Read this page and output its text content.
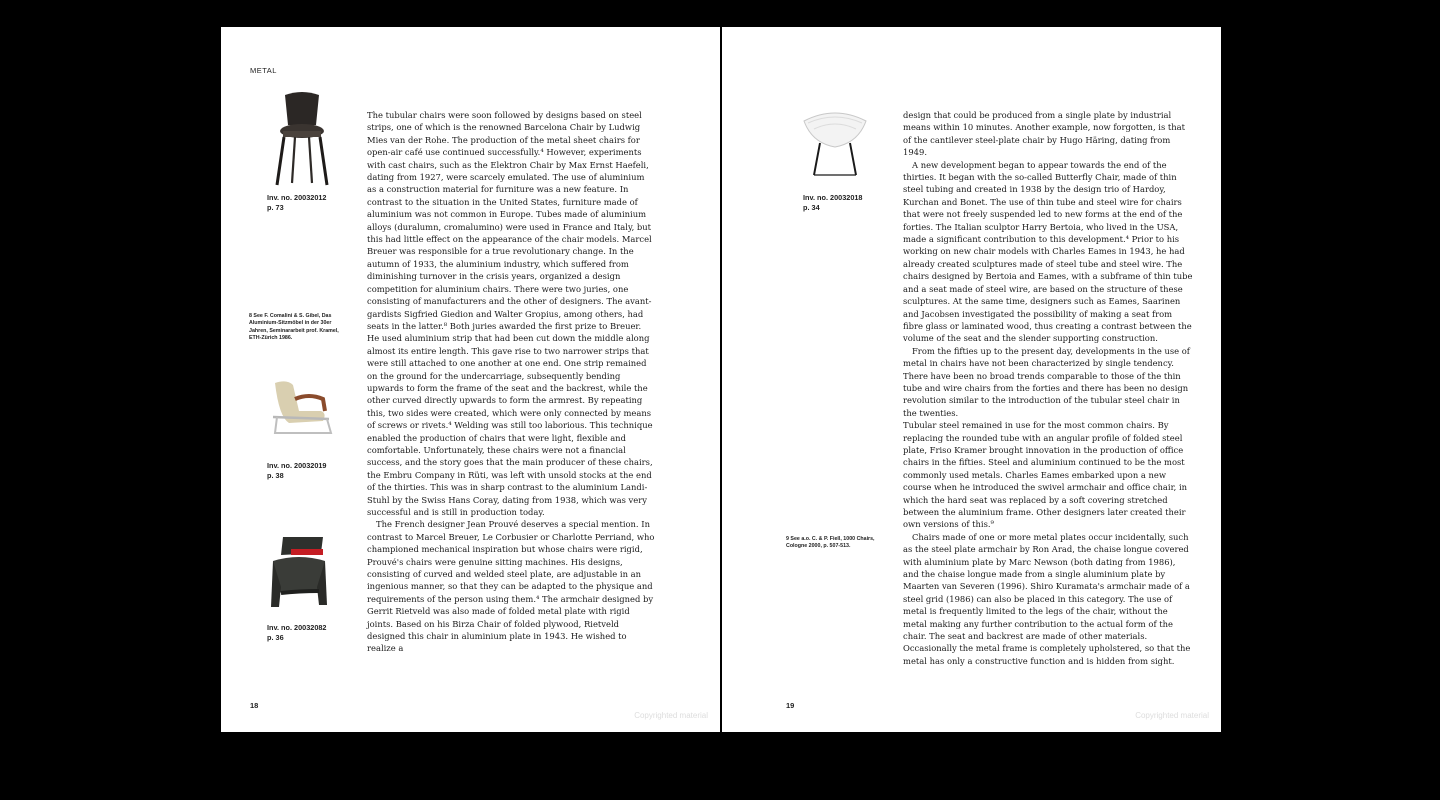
METAL
Inv. no. 20032012
p. 73
8 See F. Comalini & S. Gibel, Das Aluminium-Sitzmöbel in der 30er Jahren, Seminararbeit prof. Kramel, ETH-Zürich 1986.
Inv. no. 20032019
p. 38
Inv. no. 20032082
p. 36

The tubular chairs were soon followed by designs based on steel strips, one of which is the renowned Barcelona Chair by Ludwig Mies van der Rohe. The production of the metal sheet chairs for open-air café use continued successfully.⁴ However, experiments with cast chairs, such as the Elektron Chair by Max Ernst Haefeli, dating from 1927, were scarcely emulated. The use of aluminium as a construction material for furniture was a new feature. In contrast to the situation in the United States, furniture made of aluminium was not common in Europe. Tubes made of aluminium alloys (duralumn, cromalumino) were used in France and Italy, but this had little effect on the appearance of the chair models. Marcel Breuer was responsible for a true revolutionary change. In the autumn of 1933, the aluminium industry, which suffered from diminishing turnover in the crisis years, organized a design competition for aluminium chairs. There were two juries, one consisting of manufacturers and the other of designers. The avant- gardists Sigfried Giedion and Walter Gropius, among others, had seats in the latter.⁸ Both juries awarded the first prize to Breuer. He used aluminium strip that had been cut down the middle along almost its entire length. This gave rise to two narrower strips that were still attached to one another at one end. One strip remained on the ground for the undercarriage, subsequently bending upwards to form the frame of the seat and the backrest, while the other curved directly upwards to form the armrest. By repeating this, two sides were created, which were only connected by means of screws or rivets.⁴ Welding was still too laborious. This technique enabled the production of chairs that were light, flexible and comfortable. Unfortunately, these chairs were not a financial success, and the story goes that the main producer of these chairs, the Embru Company in Rüti, was left with unsold stocks at the end of the thirties. This was in sharp contrast to the aluminium Landi-Stuhl by the Swiss Hans Coray, dating from 1938, which was very successful and is still in production today.

The French designer Jean Prouvé deserves a special mention. In contrast to Marcel Breuer, Le Corbusier or Charlotte Perriand, who championed mechanical inspiration but whose chairs were rigid, Prouvé's chairs were genuine sitting machines. His designs, consisting of curved and welded steel plate, are adjustable in an ingenious manner, so that they can be adapted to the physique and requirements of the person using them.⁴ The armchair designed by Gerrit Rietveld was also made of folded metal plate with rigid joints. Based on his Birza Chair of folded plywood, Rietveld designed this chair in aluminium plate in 1943. He wished to realize a

18
Copyrighted material
Inv. no. 20032018
p. 34
9 See a.o. C. & P. Fiell, 1000 Chairs, Cologne 2000, p. 507-513.

design that could be produced from a single plate by industrial means within 10 minutes. Another example, now forgotten, is that of the cantilever steel-plate chair by Hugo Häring, dating from 1949.

A new development began to appear towards the end of the thirties. It began with the so-called Butterfly Chair, made of thin steel tubing and created in 1938 by the design trio of Hardoy, Kurchan and Bonet. The use of thin tube and steel wire for chairs that were not freely suspended led to new forms at the end of the forties. The Italian sculptor Harry Bertoia, who lived in the USA, made a significant contribution to this development.⁴ Prior to his working on new chair models with Charles Eames in 1943, he had already created sculptures made of steel tube and steel wire. The chairs designed by Bertoia and Eames, with a subframe of thin tube and a seat made of steel wire, are based on the structure of these sculptures. At the same time, designers such as Eames, Saarinen and Jacobsen investigated the possibility of making a seat from fibre glass or laminated wood, thus creating a contrast between the volume of the seat and the slender supporting construction.

From the fifties up to the present day, developments in the use of metal in chairs have not been characterized by single tendency. There have been no broad trends comparable to those of the thin tube and wire chairs from the forties and there has been no design revolution similar to the introduction of the tubular steel chair in the twenties.

Tubular steel remained in use for the most common chairs. By replacing the rounded tube with an angular profile of folded steel plate, Friso Kramer brought innovation in the production of office chairs in the fifties. Steel and aluminium continued to be the most commonly used metals. Charles Eames embarked upon a new course when he introduced the swivel armchair and office chair, in which the hard seat was replaced by a soft covering stretched between the aluminium frame. Other designers later created their own versions of this.⁹

Chairs made of one or more metal plates occur incidentally, such as the steel plate armchair by Ron Arad, the chaise longue covered with aluminium plate by Marc Newson (both dating from 1986), and the chaise longue made from a single aluminium plate by Maarten van Severen (1996). Shiro Kuramata's armchair made of a steel grid (1986) can also be placed in this category. The use of metal is frequently limited to the legs of the chair, without the metal making any further contribution to the actual form of the chair. The seat and backrest are made of other materials. Occasionally the metal frame is completely upholstered, so that the metal has only a constructive function and is hidden from sight.

19
Copyrighted material
